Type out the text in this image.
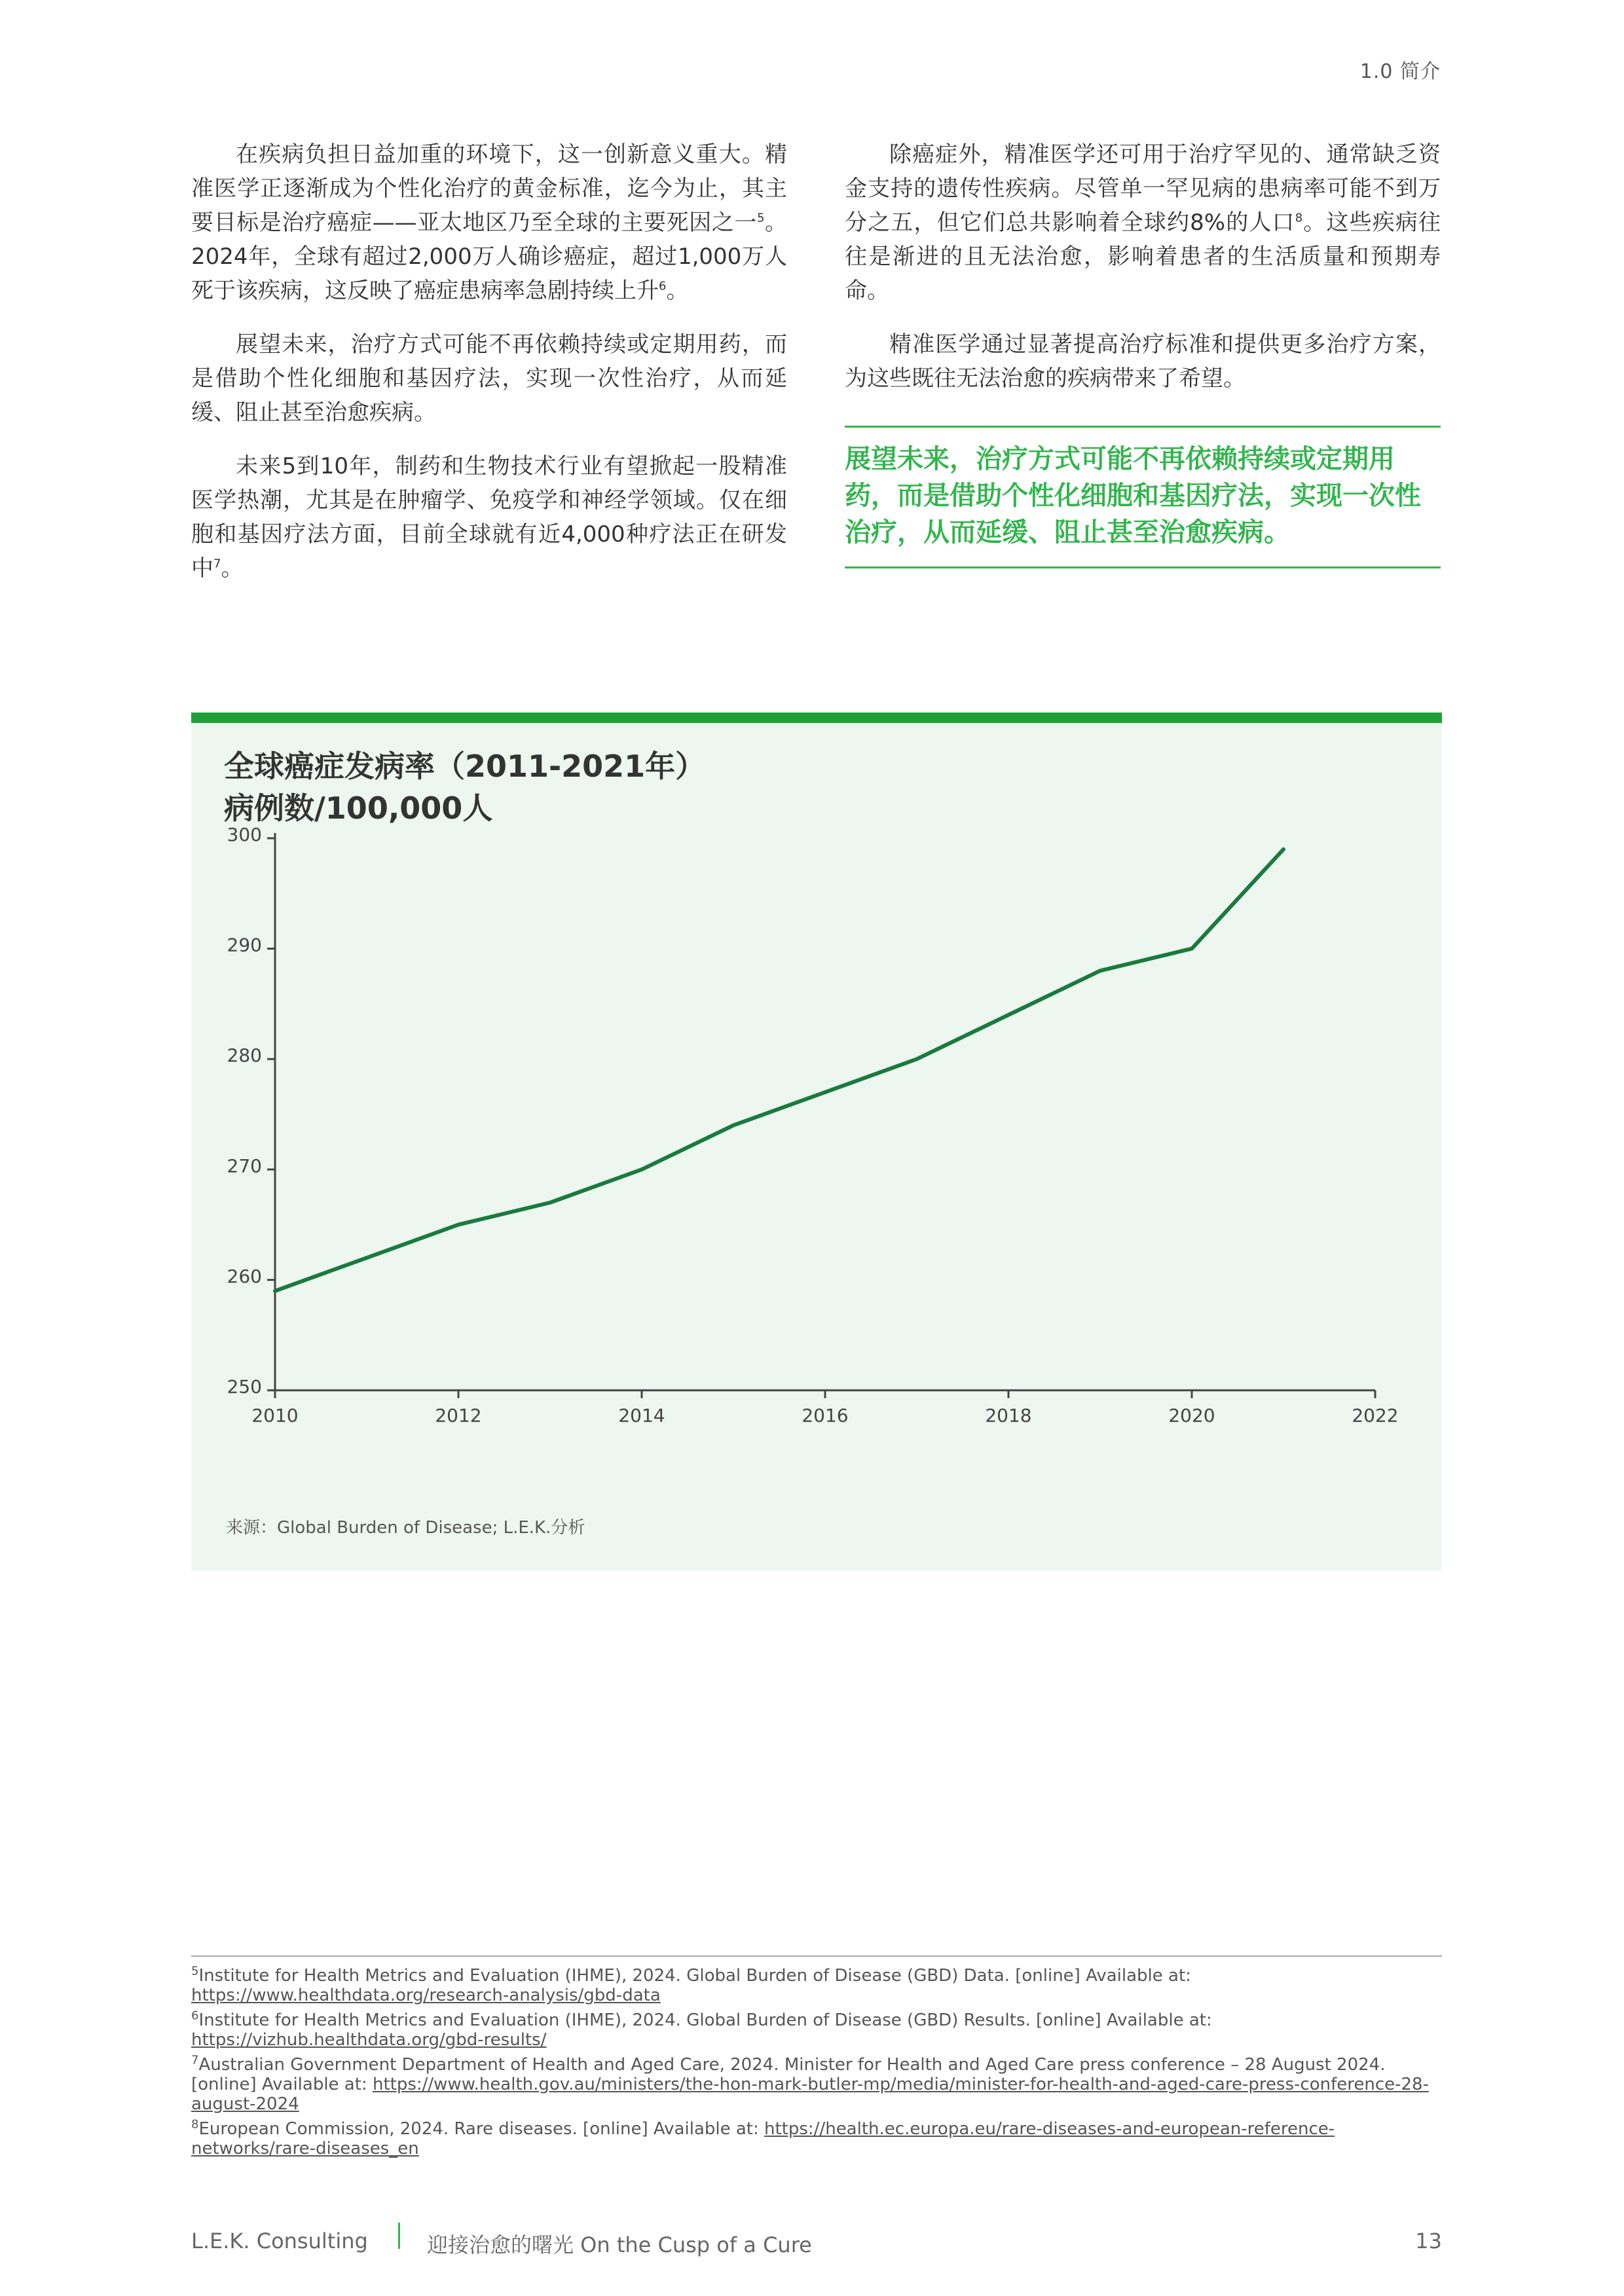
1.0 简介

在疾病负担日益加重的环境下，这一创新意义重大。精准医学正逐渐成为个性化治疗的黄金标准，迄今为止，其主要目标是治疗癌症——亚太地区乃至全球的主要死因之一$^5$。2024年，全球有超过2,000万人确诊癌症，超过1,000万人死于该疾病，这反映了癌症患病率急剧持续上升$^6$。

展望未来，治疗方式可能不再依赖持续或定期用药，而是借助个性化细胞和基因疗法，实现一次性治疗，从而延缓、阻止甚至治愈疾病。

未来5到10年，制药和生物技术行业有望掀起一股精准医学热潮，尤其是在肿瘤学、免疫学和神经学领域。仅在细胞和基因疗法方面，目前全球就有近4,000种疗法正在研发中$^7$。

除癌症外，精准医学还可用于治疗罕见的、通常缺乏资金支持的遗传性疾病。尽管单一罕见病的患病率可能不到万分之五，但它们总共影响着全球约8%的人口$^8$。这些疾病往往是渐进的且无法治愈，影响着患者的生活质量和预期寿命。

精准医学通过显著提高治疗标准和提供更多治疗方案，为这些既往无法治愈的疾病带来了希望。

展望未来，治疗方式可能不再依赖持续或定期用药，而是借助个性化细胞和基因疗法，实现一次性治疗，从而延缓、阻止甚至治愈疾病。
全球癌症发病率（2011-2021年）
病例数/100,000人
250
260
270
280
290
300
2010	2012	2014	2016	2018	2020	2022
来源：Global Burden of Disease; L.E.K.分析
$^5$Institute for Health Metrics and Evaluation (IHME), 2024. Global Burden of Disease (GBD) Data. [online] Available at: https://www.healthdata.org/research-analysis/gbd-data
$^6$Institute for Health Metrics and Evaluation (IHME), 2024. Global Burden of Disease (GBD) Results. [online] Available at: https://vizhub.healthdata.org/gbd-results/
$^7$Australian Government Department of Health and Aged Care, 2024. Minister for Health and Aged Care press conference – 28 August 2024. [online] Available at: https://www.health.gov.au/ministers/the-hon-mark-butler-mp/media/minister-for-health-and-aged-care-press-conference-28-august-2024
$^8$European Commission, 2024. Rare diseases. [online] Available at: https://health.ec.europa.eu/rare-diseases-and-european-reference-networks/rare-diseases_en
L.E.K. Consulting	迎接治愈的曙光 On the Cusp of a Cure	13
